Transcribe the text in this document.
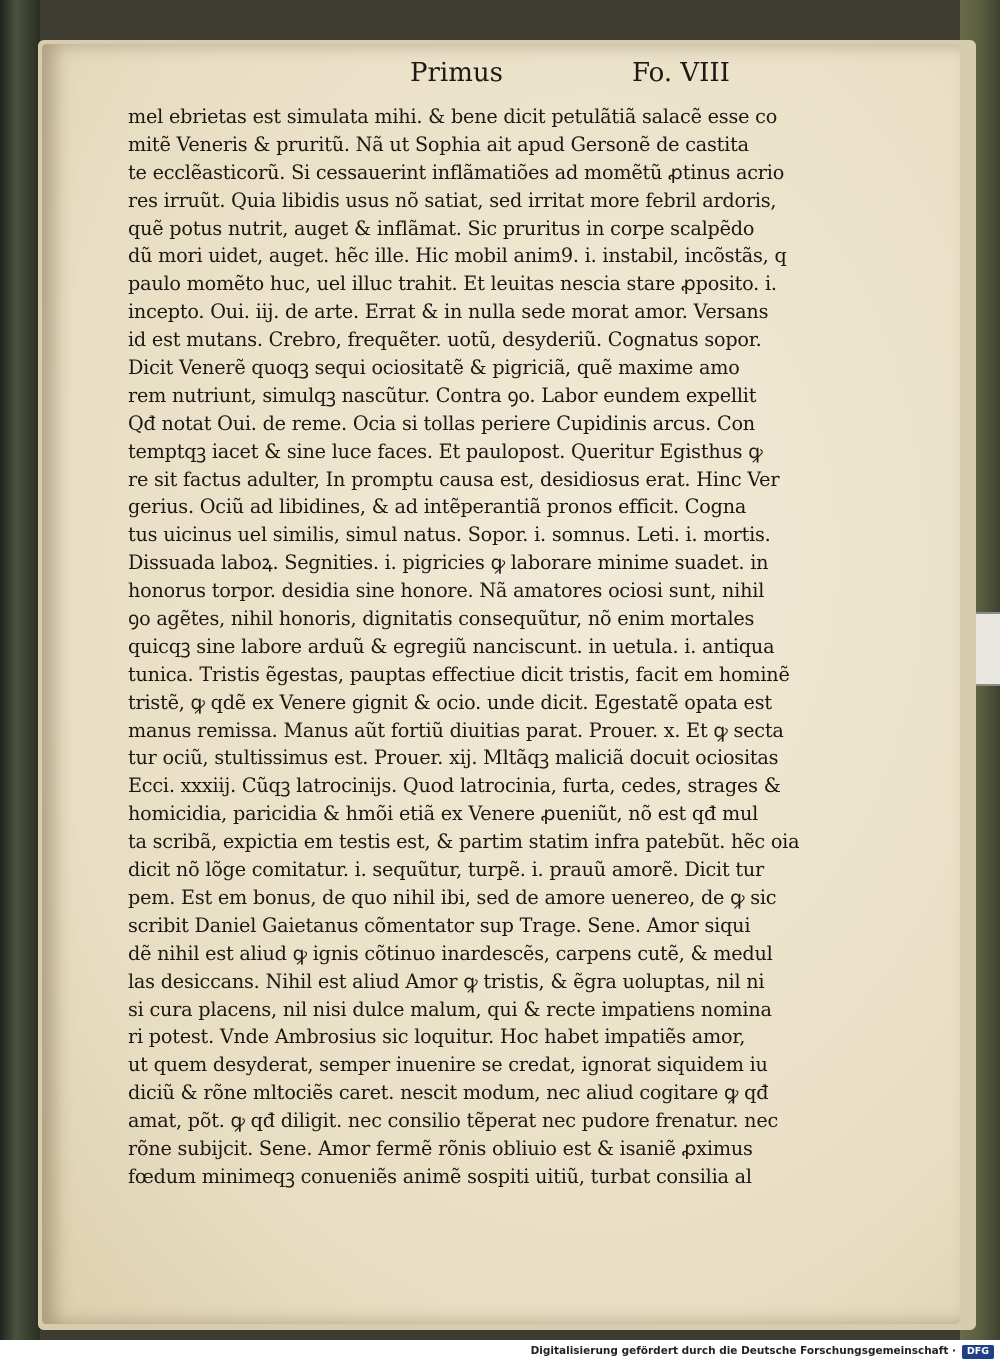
Primus	Fo. VIII
mel ebrietas est simulata mihi. & bene dicit petulãtiã salacẽ esse co
mitẽ Veneris & pruritũ. Nã ut Sophia ait apud Gersonẽ de castita
te ecclẽasticorũ. Si cessauerint inflãmatiões ad momẽtũ ꝓtinus acrio
res irruũt. Quia libidis usus nõ satiat, sed irritat more febril ardoris,
quẽ potus nutrit, auget & inflãmat. Sic pruritus in corpe scalpẽdo
dũ mori uidet, auget. hẽc ille. Hic mobil anim9. i. instabil, incõstãs, q
paulo momẽto huc, uel illuc trahit. Et leuitas nescia stare ꝓposito. i.
incepto. Oui. iij. de arte. Errat & in nulla sede morat amor. Versans
id est mutans. Crebro, frequẽter. uotũ, desyderiũ. Cognatus sopor.
Dicit Venerẽ quoqꝫ sequi ociositatẽ & pigriciã, quẽ maxime amo
rem nutriunt, simulqꝫ nascũtur. Contra ꝯo. Labor eundem expellit
Qđ notat Oui. de reme. Ocia si tollas periere Cupidinis arcus. Con
temptqꝫ iacet & sine luce faces. Et paulopost. Queritur Egisthus ꝙ
re sit factus adulter, In promptu causa est, desidiosus erat. Hinc Ver
gerius. Ociũ ad libidines, & ad intẽperantiã pronos efficit. Cogna
tus uicinus uel similis, simul natus. Sopor. i. somnus. Leti. i. mortis.
Dissuada laboꝝ. Segnities. i. pigricies ꝙ laborare minime suadet. in
honorus torpor. desidia sine honore. Nã amatores ociosi sunt, nihil
ꝯo agẽtes, nihil honoris, dignitatis consequũtur, nõ enim mortales
quicqꝫ sine labore arduũ & egregiũ nanciscunt. in uetula. i. antiqua
tunica. Tristis ẽgestas, pauptas effectiue dicit tristis, facit em hominẽ
tristẽ, ꝙ qdẽ ex Venere gignit & ocio. unde dicit. Egestatẽ opata est
manus remissa. Manus aũt fortiũ diuitias parat. Prouer. x. Et ꝙ secta
tur ociũ, stultissimus est. Prouer. xij. Mltãqꝫ maliciã docuit ociositas
Ecci. xxxiij. Cũqꝫ latrocinijs. Quod latrocinia, furta, cedes, strages &
homicidia, paricidia & hmõi etiã ex Venere ꝓueniũt, nõ est qđ mul
ta scribã, expictia em testis est, & partim statim infra patebũt. hẽc oia
dicit nõ lõge comitatur. i. sequũtur, turpẽ. i. prauũ amorẽ. Dicit tur
pem. Est em bonus, de quo nihil ibi, sed de amore uenereo, de ꝙ sic
scribit Daniel Gaietanus cõmentator sup Trage. Sene. Amor siqui
dẽ nihil est aliud ꝙ ignis cõtinuo inardescẽs, carpens cutẽ, & medul
las desiccans. Nihil est aliud Amor ꝙ tristis, & ẽgra uoluptas, nil ni
si cura placens, nil nisi dulce malum, qui & recte impatiens nomina
ri potest. Vnde Ambrosius sic loquitur. Hoc habet impatiẽs amor,
ut quem desyderat, semper inuenire se credat, ignorat siquidem iu
diciũ & rõne mltociẽs caret. nescit modum, nec aliud cogitare ꝙ qđ
amat, põt. ꝙ qđ diligit. nec consilio tẽperat nec pudore frenatur. nec
rõne subijcit. Sene. Amor fermẽ rõnis obliuio est & isaniẽ ꝓximus
fœdum minimeqꝫ conueniẽs animẽ sospiti uitiũ, turbat consilia al
Digitalisierung gefördert durch die Deutsche Forschungsgemeinschaft ·	DFG
